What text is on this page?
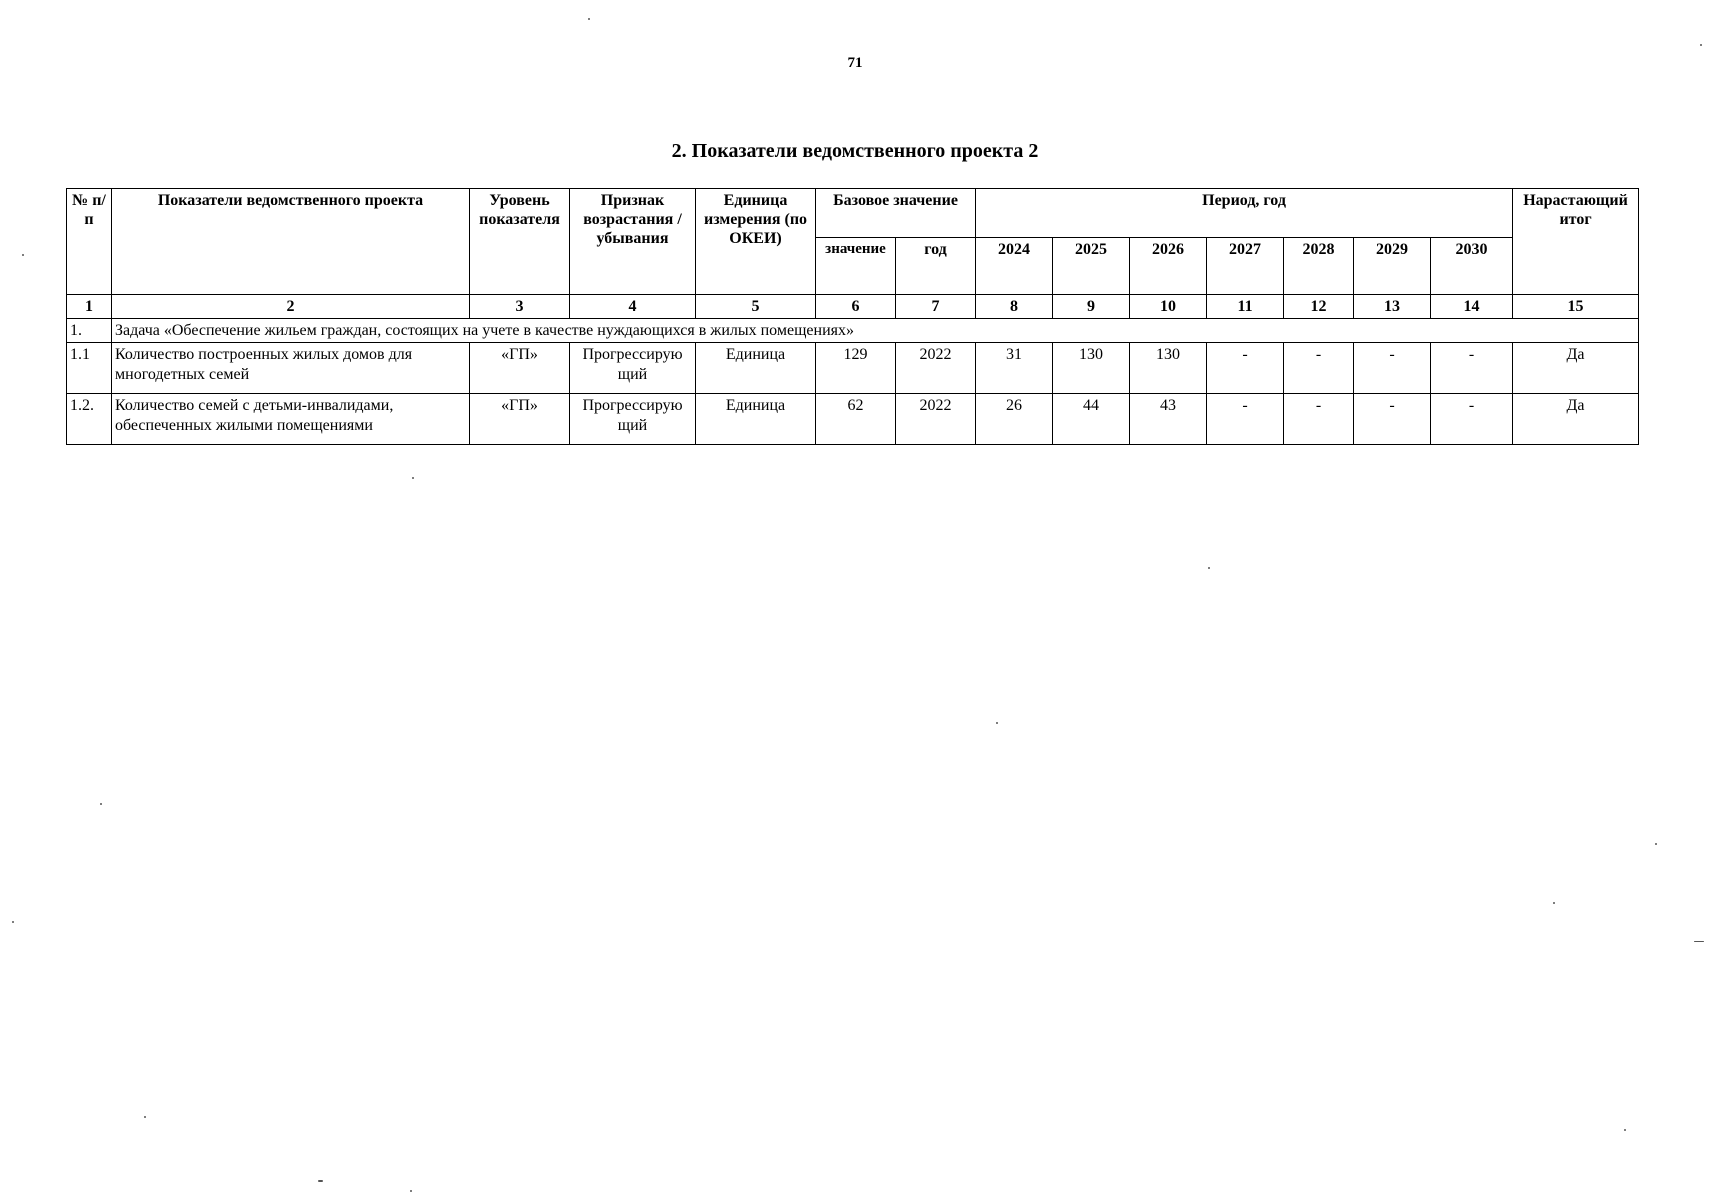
71
2. Показатели ведомственного проекта 2
№ п/п	Показатели ведомственного проекта	Уровень показателя	Признак возрастания / убывания	Единица измерения (по ОКЕИ)	Базовое значение		Период, год							Нарастающий итог
					значение	год	2024	2025	2026	2027	2028	2029	2030	
1	2	3	4	5	6	7	8	9	10	11	12	13	14	15
1.	Задача «Обеспечение жильем граждан, состоящих на учете в качестве нуждающихся в жилых помещениях»													
1.1	Количество построенных жилых домов для многодетных семей	«ГП»	Прогрессирую щий	Единица	129	2022	31	130	130	-	-	-	-	Да
1.2.	Количество семей с детьми-инвалидами, обеспеченных жилыми помещениями	«ГП»	Прогрессирую щий	Единица	62	2022	26	44	43	-	-	-	-	Да
